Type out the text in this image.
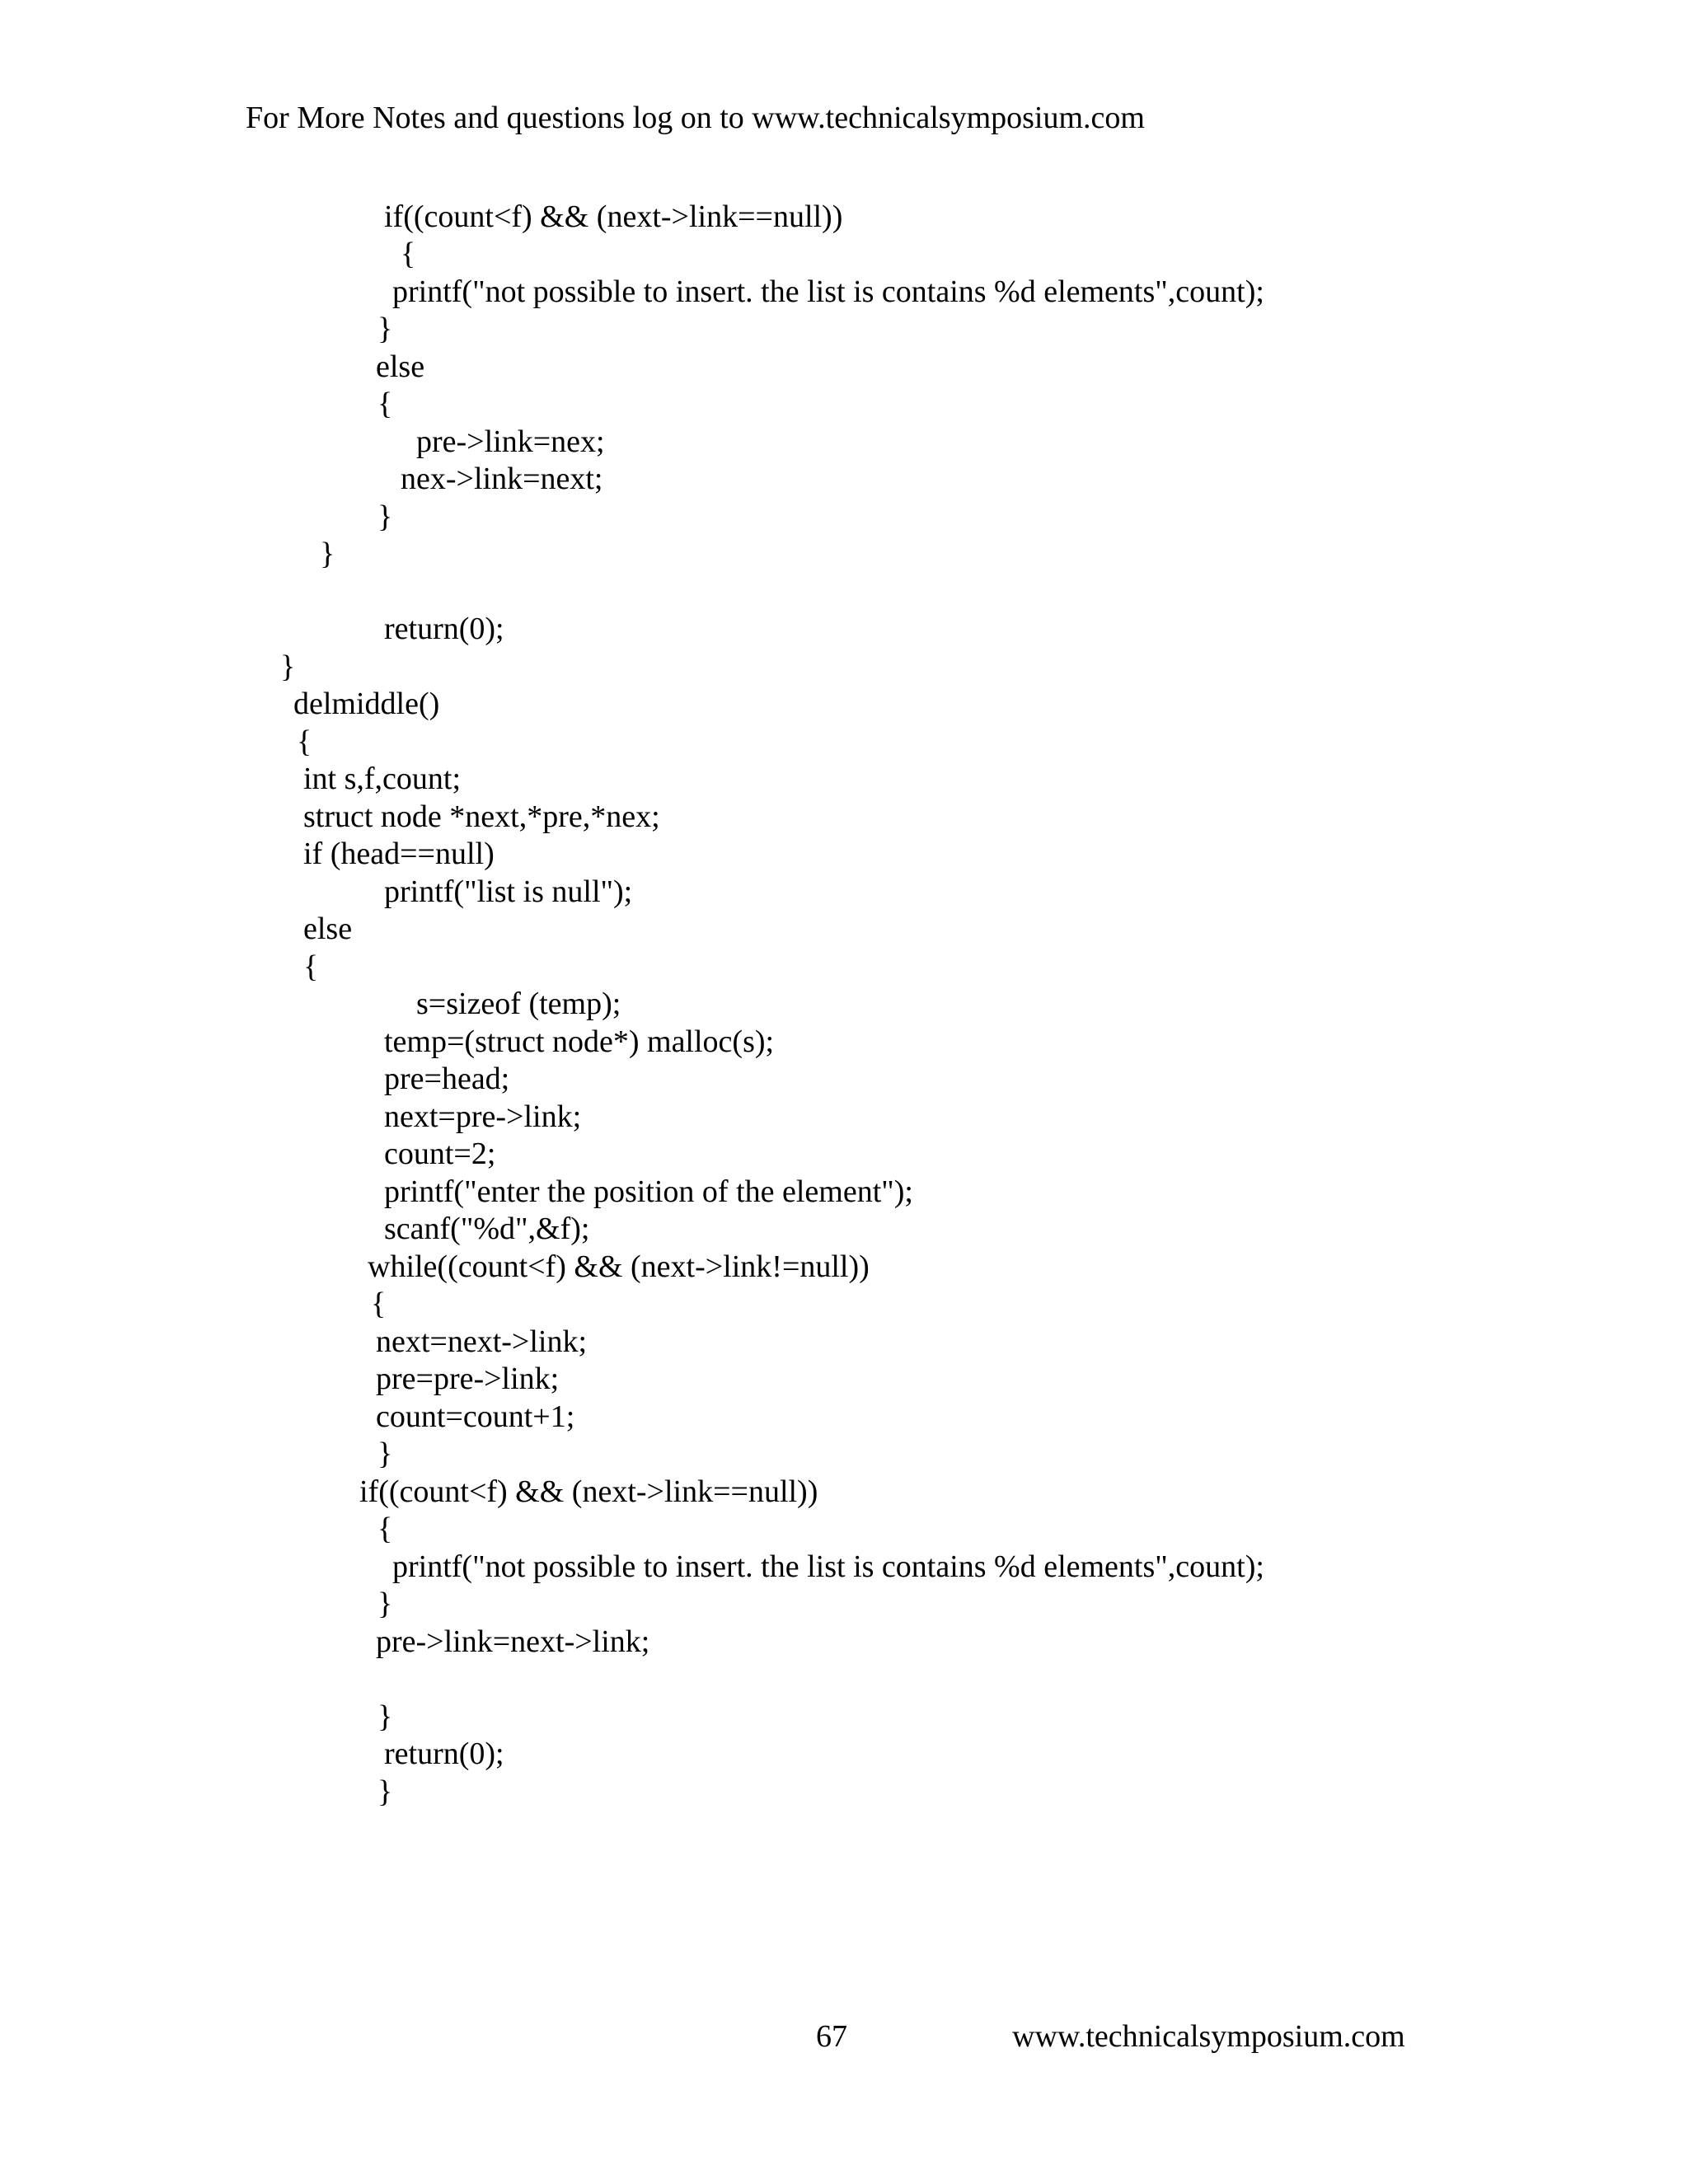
For More Notes and questions log on to www.technicalsymposium.com
if((count<f) && (next->link==null))
{
printf("not possible to insert. the list is contains %d elements",count);
}
else
{
pre->link=nex;
nex->link=next;
}
}
return(0);
}
delmiddle()
{
int s,f,count;
struct node *next,*pre,*nex;
if (head==null)
printf("list is null");
else
{
s=sizeof (temp);
temp=(struct node*) malloc(s);
pre=head;
next=pre->link;
count=2;
printf("enter the position of the element");
scanf("%d",&f);
while((count<f) && (next->link!=null))
{
next=next->link;
pre=pre->link;
count=count+1;
}
if((count<f) && (next->link==null))
{
printf("not possible to insert. the list is contains %d elements",count);
}
pre->link=next->link;
}
return(0);
}
67	www.technicalsymposium.com
